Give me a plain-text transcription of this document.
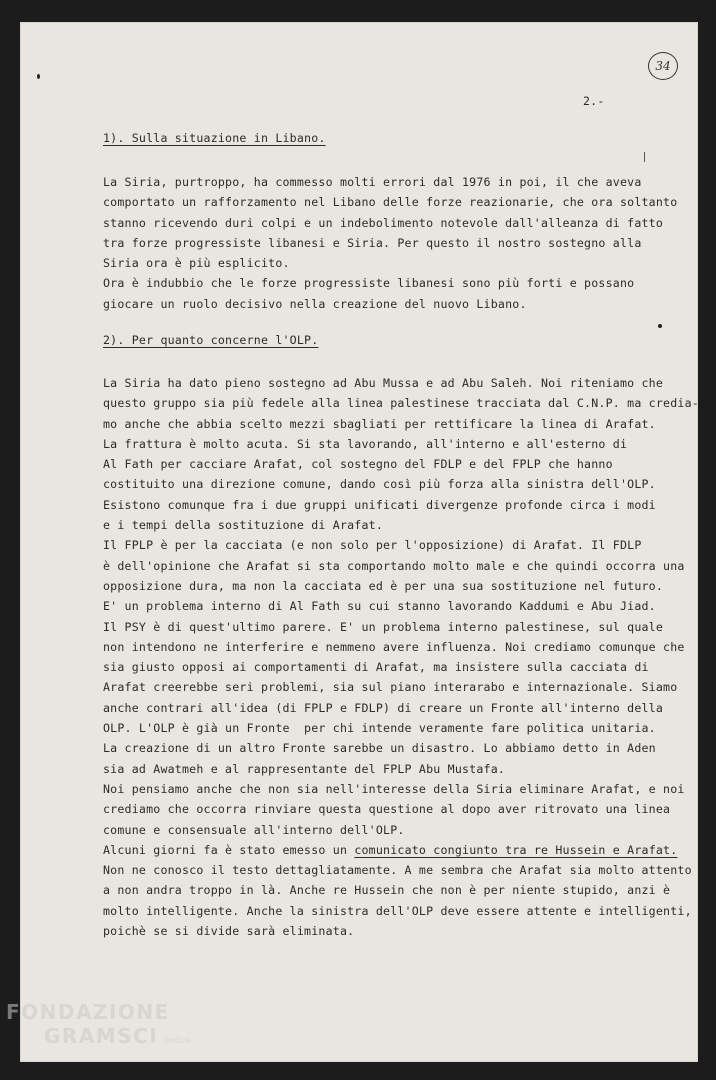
34
2.-
1). Sulla situazione in Libano.
La Siria, purtroppo, ha commesso molti errori dal 1976 in poi, il che aveva
comportato un rafforzamento nel Libano delle forze reazionarie, che ora soltanto
stanno ricevendo duri colpi e un indebolimento notevole dall'alleanza di fatto
tra forze progressiste libanesi e Siria. Per questo il nostro sostegno alla
Siria ora è più esplicito.
Ora è indubbio che le forze progressiste libanesi sono più forti e possano
giocare un ruolo decisivo nella creazione del nuovo Libano.
2). Per quanto concerne l'OLP.
La Siria ha dato pieno sostegno ad Abu Mussa e ad Abu Saleh. Noi riteniamo che
questo gruppo sia più fedele alla linea palestinese tracciata dal C.N.P. ma credia-
mo anche che abbia scelto mezzi sbagliati per rettificare la linea di Arafat.
La frattura è molto acuta. Si sta lavorando, all'interno e all'esterno di
Al Fath per cacciare Arafat, col sostegno del FDLP e del FPLP che hanno
costituito una direzione comune, dando così più forza alla sinistra dell'OLP.
Esistono comunque fra i due gruppi unificati divergenze profonde circa i modi
e i tempi della sostituzione di Arafat.
Il FPLP è per la cacciata (e non solo per l'opposizione) di Arafat. Il FDLP
è dell'opinione che Arafat si sta comportando molto male e che quindi occorra una
opposizione dura, ma non la cacciata ed è per una sua sostituzione nel futuro.
E' un problema interno di Al Fath su cui stanno lavorando Kaddumi e Abu Jiad.
Il PSY è di quest'ultimo parere. E' un problema interno palestinese, sul quale
non intendono ne interferire e nemmeno avere influenza. Noi crediamo comunque che
sia giusto opposi ai comportamenti di Arafat, ma insistere sulla cacciata di
Arafat creerebbe seri problemi, sia sul piano interarabo e internazionale. Siamo
anche contrari all'idea (di FPLP e FDLP) di creare un Fronte all'interno della
OLP. L'OLP è già un Fronte  per chi intende veramente fare politica unitaria.
La creazione di un altro Fronte sarebbe un disastro. Lo abbiamo detto in Aden
sia ad Awatmeh e al rappresentante del FPLP Abu Mustafa.
Noi pensiamo anche che non sia nell'interesse della Siria eliminare Arafat, e noi
crediamo che occorra rinviare questa questione al dopo aver ritrovato una linea
comune e consensuale all'interno dell'OLP.
Alcuni giorni fa è stato emesso un comunicato congiunto tra re Hussein e Arafat.
Non ne conosco il testo dettagliatamente. A me sembra che Arafat sia molto attento
a non andra troppo in là. Anche re Hussein che non è per niente stupido, anzi è
molto intelligente. Anche la sinistra dell'OLP deve essere attente e intelligenti,
poichè se si divide sarà eliminata.
FONDAZIONE
GRAMSCI onlus
